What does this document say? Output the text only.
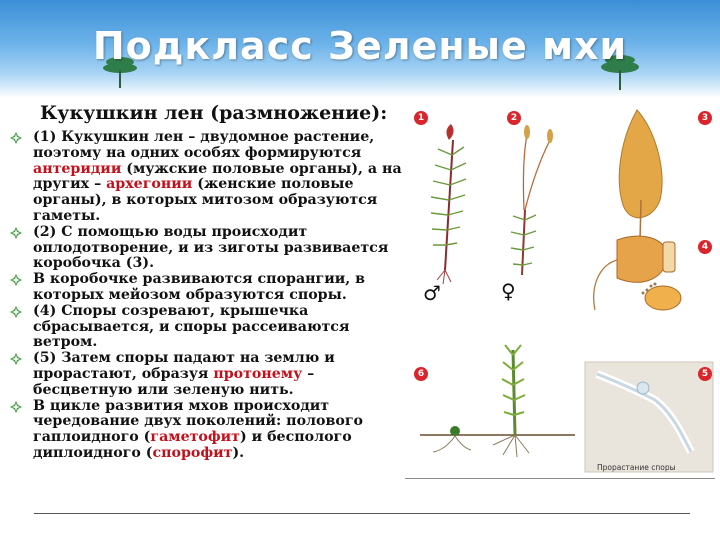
Подкласс Зеленые мхи
Кукушкин лен (размножение):
(1) Кукушкин лен – двудомное растение, поэтому на одних особях формируются антеридии (мужские половые органы), а на других – архегонии (женские половые органы), в которых митозом образуются гаметы.
(2) С помощью воды происходит оплодотворение, и из зиготы развивается коробочка (3).
В коробочке развиваются спорангии, в которых мейозом образуются споры.
(4) Споры созревают, крышечка сбрасывается, и споры рассеиваются ветром.
(5) Затем споры падают на землю и прорастают, образуя протонему – бесцветную или зеленую нить.
В цикле развития мхов происходит чередование двух поколений: полового гаплоидного (гаметофит) и бесполого диплоидного (спорофит).
♂	♀
Прорастание споры
1	2	3
4
5
6
